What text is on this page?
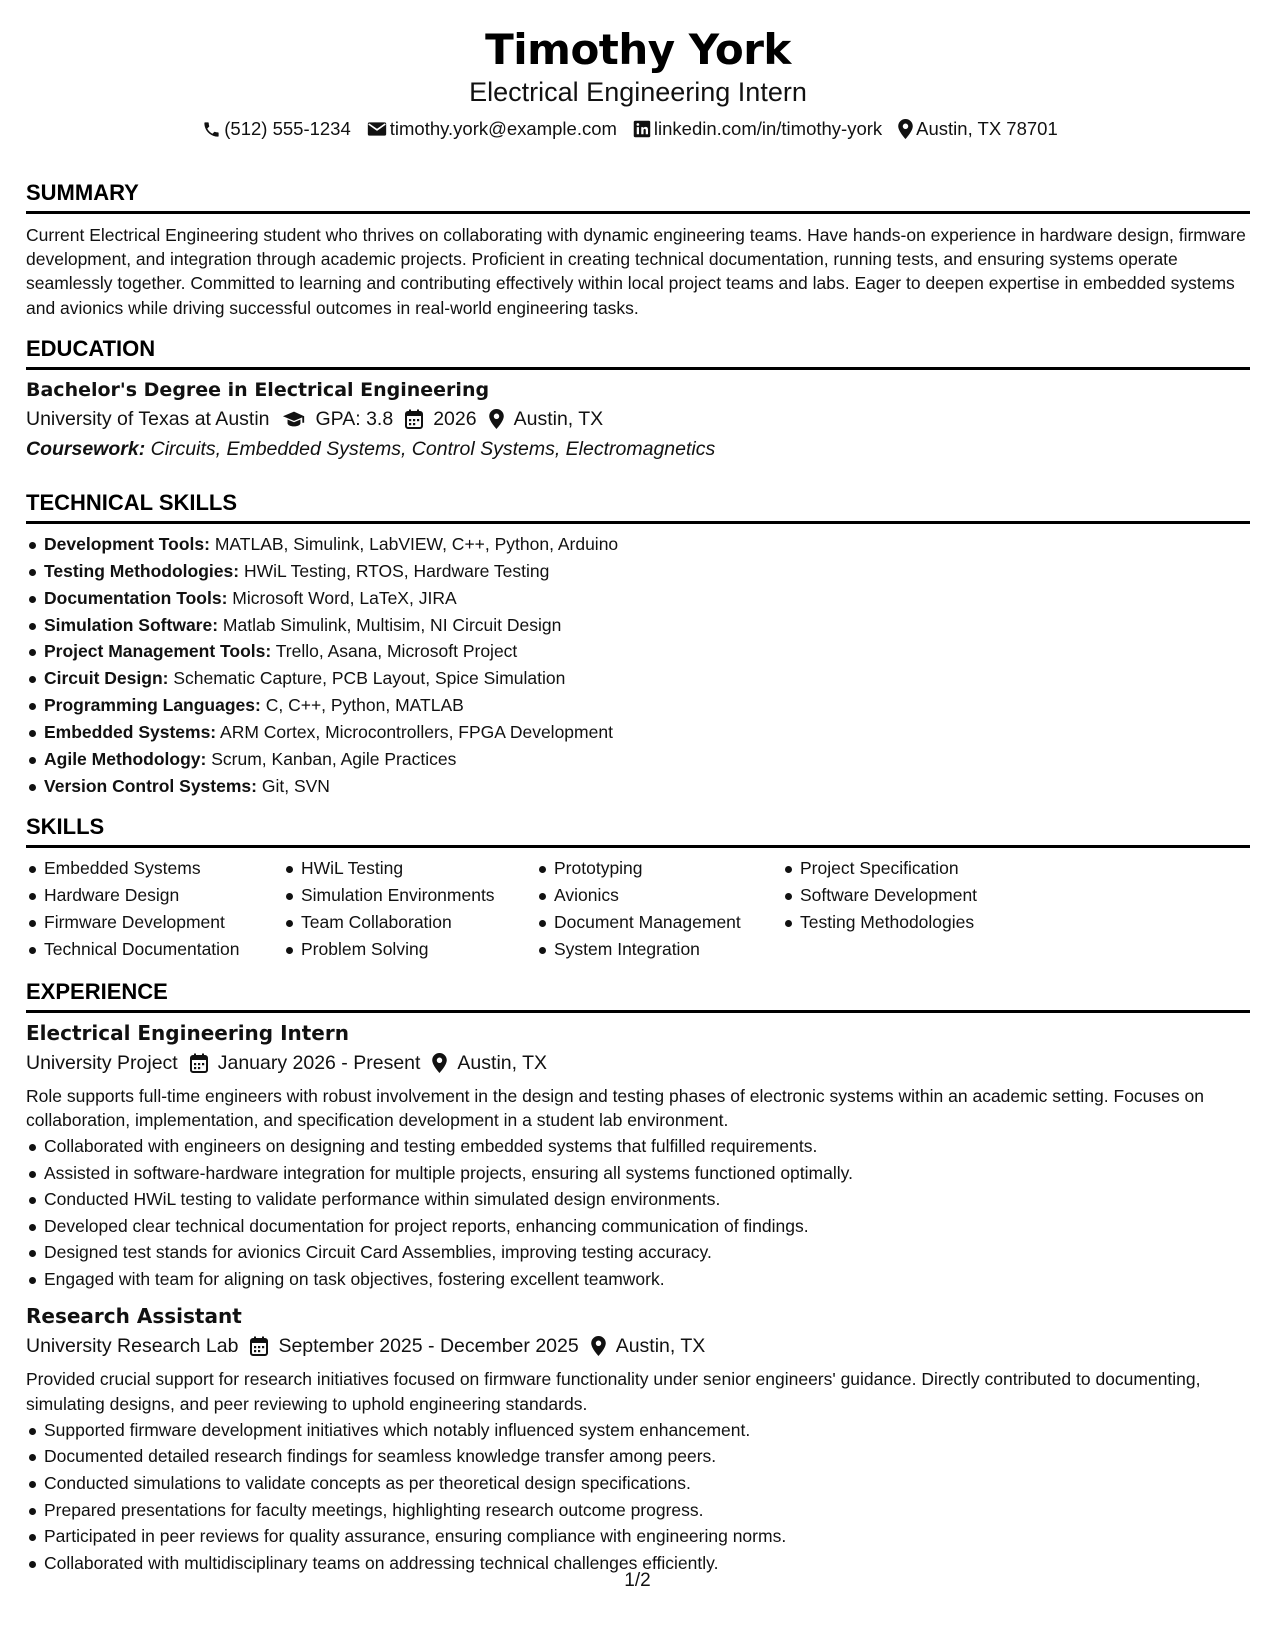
Timothy York
Electrical Engineering Intern
(512) 555-1234 timothy.york@example.com linkedin.com/in/timothy-york Austin, TX 78701
SUMMARY

Current Electrical Engineering student who thrives on collaborating with dynamic engineering teams. Have hands-on experience in hardware design, firmware development, and integration through academic projects. Proficient in creating technical documentation, running tests, and ensuring systems operate seamlessly together. Committed to learning and contributing effectively within local project teams and labs. Eager to deepen expertise in embedded systems and avionics while driving successful outcomes in real-world engineering tasks.

EDUCATION
Bachelor's Degree in Electrical Engineering
University of Texas at Austin GPA: 3.8 2026 Austin, TX
Coursework: Circuits, Embedded Systems, Control Systems, Electromagnetics
TECHNICAL SKILLS
Development Tools: MATLAB, Simulink, LabVIEW, C++, Python, Arduino
Testing Methodologies: HWiL Testing, RTOS, Hardware Testing
Documentation Tools: Microsoft Word, LaTeX, JIRA
Simulation Software: Matlab Simulink, Multisim, NI Circuit Design
Project Management Tools: Trello, Asana, Microsoft Project
Circuit Design: Schematic Capture, PCB Layout, Spice Simulation
Programming Languages: C, C++, Python, MATLAB
Embedded Systems: ARM Cortex, Microcontrollers, FPGA Development
Agile Methodology: Scrum, Kanban, Agile Practices
Version Control Systems: Git, SVN
SKILLS
Embedded Systems
Hardware Design
Firmware Development
Technical Documentation
HWiL Testing
Simulation Environments
Team Collaboration
Problem Solving
Prototyping
Avionics
Document Management
System Integration
Project Specification
Software Development
Testing Methodologies
EXPERIENCE
Electrical Engineering Intern
University Project January 2026 - Present Austin, TX
Role supports full-time engineers with robust involvement in the design and testing phases of electronic systems within an academic setting. Focuses on collaboration, implementation, and specification development in a student lab environment.
Collaborated with engineers on designing and testing embedded systems that fulfilled requirements.
Assisted in software-hardware integration for multiple projects, ensuring all systems functioned optimally.
Conducted HWiL testing to validate performance within simulated design environments.
Developed clear technical documentation for project reports, enhancing communication of findings.
Designed test stands for avionics Circuit Card Assemblies, improving testing accuracy.
Engaged with team for aligning on task objectives, fostering excellent teamwork.
Research Assistant
University Research Lab September 2025 - December 2025 Austin, TX
Provided crucial support for research initiatives focused on firmware functionality under senior engineers' guidance. Directly contributed to documenting, simulating designs, and peer reviewing to uphold engineering standards.
Supported firmware development initiatives which notably influenced system enhancement.
Documented detailed research findings for seamless knowledge transfer among peers.
Conducted simulations to validate concepts as per theoretical design specifications.
Prepared presentations for faculty meetings, highlighting research outcome progress.
Participated in peer reviews for quality assurance, ensuring compliance with engineering norms.
Collaborated with multidisciplinary teams on addressing technical challenges efficiently.
1/2
